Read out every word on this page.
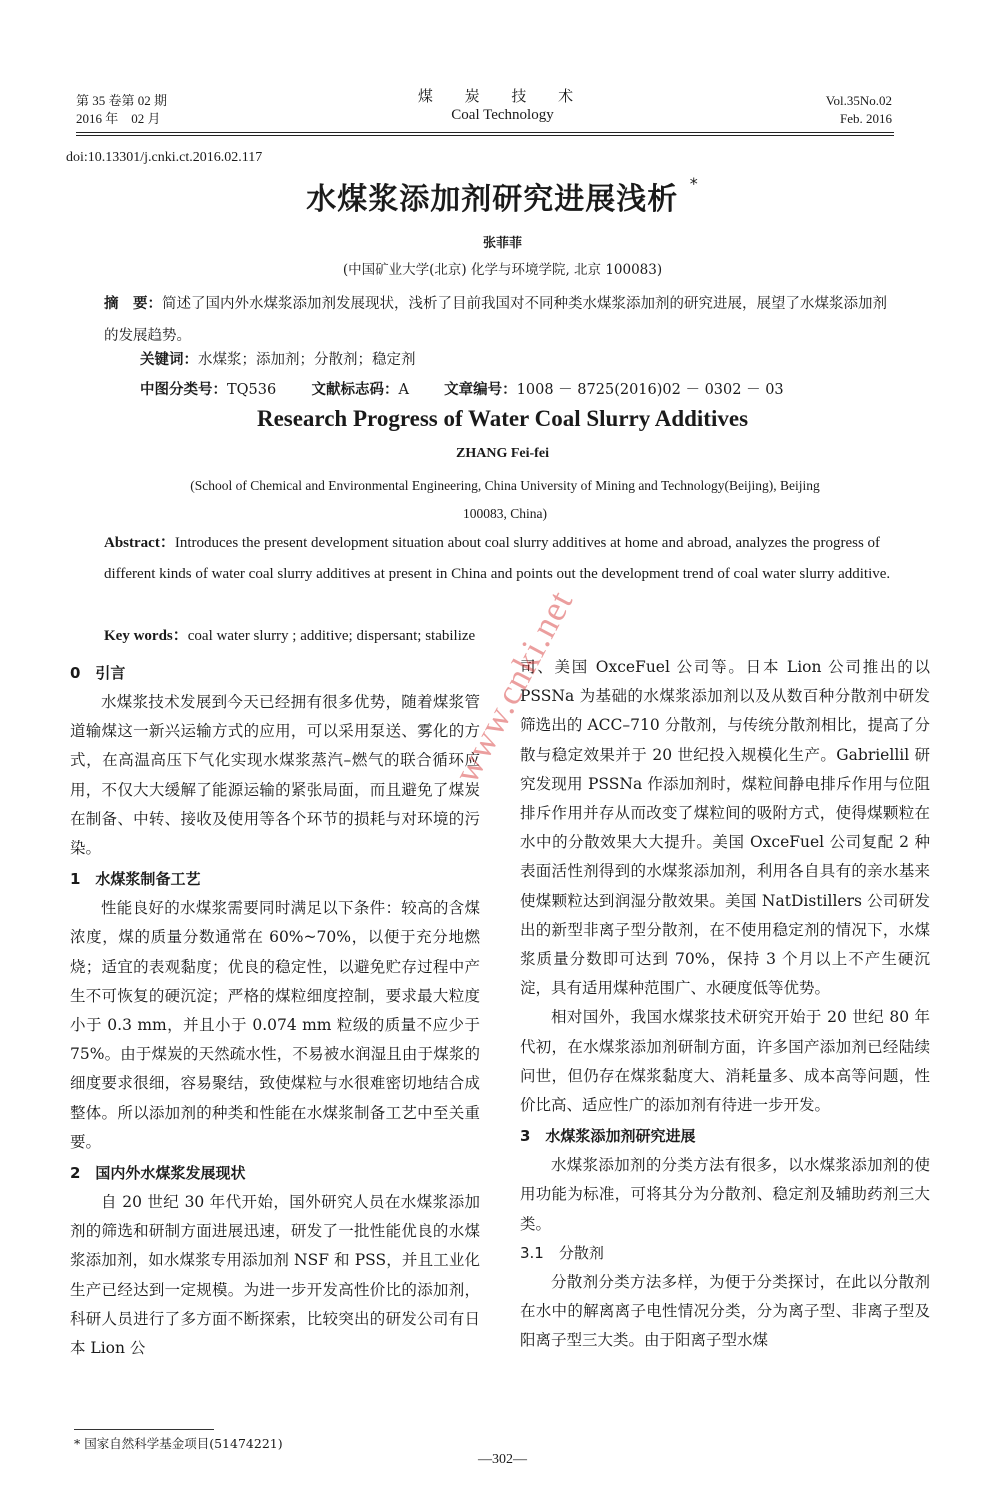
第 35 卷第 02 期
2016 年　02 月
煤 炭 技 术
Coal Technology
Vol.35No.02
Feb. 2016
doi:10.13301/j.cnki.ct.2016.02.117
水煤浆添加剂研究进展浅析 *
张菲菲
(中国矿业大学(北京) 化学与环境学院, 北京 100083)
摘　要：简述了国内外水煤浆添加剂发展现状，浅析了目前我国对不同种类水煤浆添加剂的研究进展，展望了水煤浆添加剂的发展趋势。
关键词：水煤浆；添加剂；分散剂；稳定剂
中图分类号：TQ536 文献标志码：A 文章编号：1008 － 8725(2016)02 － 0302 － 03
Research Progress of Water Coal Slurry Additives
ZHANG Fei-fei
(School of Chemical and Environmental Engineering, China University of Mining and Technology(Beijing), Beijing
100083, China)
Abstract：Introduces the present development situation about coal slurry additives at home and abroad, analyzes the progress of different kinds of water coal slurry additives at present in China and points out the development trend of coal water slurry additive.
Key words：coal water slurry ; additive; dispersant; stabilize
0　引言

水煤浆技术发展到今天已经拥有很多优势，随着煤浆管道输煤这一新兴运输方式的应用，可以采用泵送、雾化的方式，在高温高压下气化实现水煤浆蒸汽–燃气的联合循环应用，不仅大大缓解了能源运输的紧张局面，而且避免了煤炭在制备、中转、接收及使用等各个环节的损耗与对环境的污染。

1　水煤浆制备工艺

性能良好的水煤浆需要同时满足以下条件：较高的含煤浓度，煤的质量分数通常在 60%~70%，以便于充分地燃烧；适宜的表观黏度；优良的稳定性，以避免贮存过程中产生不可恢复的硬沉淀；严格的煤粒细度控制，要求最大粒度小于 0.3 mm，并且小于 0.074 mm 粒级的质量不应少于 75%。由于煤炭的天然疏水性，不易被水润湿且由于煤浆的细度要求很细，容易聚结，致使煤粒与水很难密切地结合成整体。所以添加剂的种类和性能在水煤浆制备工艺中至关重要。

2　国内外水煤浆发展现状

自 20 世纪 30 年代开始，国外研究人员在水煤浆添加剂的筛选和研制方面进展迅速，研发了一批性能优良的水煤浆添加剂，如水煤浆专用添加剂 NSF 和 PSS，并且工业化生产已经达到一定规模。为进一步开发高性价比的添加剂，科研人员进行了多方面不断探索，比较突出的研发公司有日本 Lion 公

司、美国 OxceFuel 公司等。日本 Lion 公司推出的以 PSSNa 为基础的水煤浆添加剂以及从数百种分散剂中研发筛选出的 ACC–710 分散剂，与传统分散剂相比，提高了分散与稳定效果并于 20 世纪投入规模化生产。Gabriellil 研究发现用 PSSNa 作添加剂时，煤粒间静电排斥作用与位阻排斥作用并存从而改变了煤粒间的吸附方式，使得煤颗粒在水中的分散效果大大提升。美国 OxceFuel 公司复配 2 种表面活性剂得到的水煤浆添加剂，利用各自具有的亲水基来使煤颗粒达到润湿分散效果。美国 NatDistillers 公司研发出的新型非离子型分散剂，在不使用稳定剂的情况下，水煤浆质量分数即可达到 70%，保持 3 个月以上不产生硬沉淀，具有适用煤种范围广、水硬度低等优势。

相对国外，我国水煤浆技术研究开始于 20 世纪 80 年代初，在水煤浆添加剂研制方面，许多国产添加剂已经陆续问世，但仍存在煤浆黏度大、消耗量多、成本高等问题，性价比高、适应性广的添加剂有待进一步开发。

3　水煤浆添加剂研究进展

水煤浆添加剂的分类方法有很多，以水煤浆添加剂的使用功能为标准，可将其分为分散剂、稳定剂及辅助药剂三大类。

3.1　分散剂

分散剂分类方法多样，为便于分类探讨，在此以分散剂在水中的解离离子电性情况分类，分为离子型、非离子型及阳离子型三大类。由于阳离子型水煤

www.cnki.net
* 国家自然科学基金项目(51474221)
—302—
